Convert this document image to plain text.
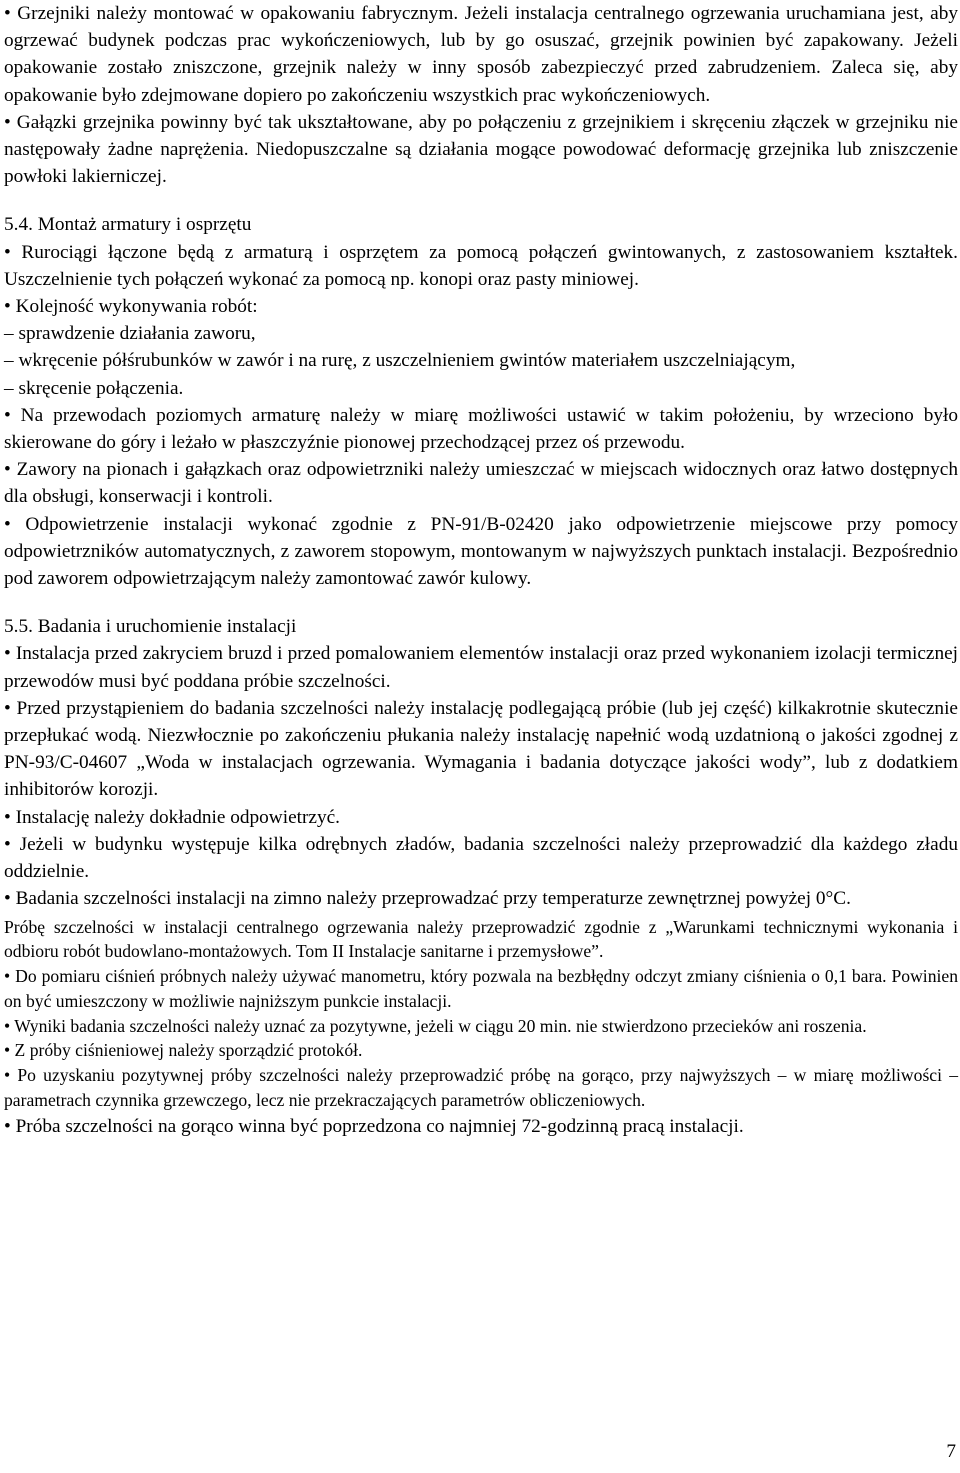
• Grzejniki należy montować w opakowaniu fabrycznym. Jeżeli instalacja centralnego ogrzewania uruchamiana jest, aby ogrzewać budynek podczas prac wykończeniowych, lub by go osuszać, grzejnik powinien być zapakowany. Jeżeli opakowanie zostało zniszczone, grzejnik należy w inny sposób zabezpieczyć przed zabrudzeniem. Zaleca się, aby opakowanie było zdejmowane dopiero po zakończeniu wszystkich prac wykończeniowych.

• Gałązki grzejnika powinny być tak ukształtowane, aby po połączeniu z grzejnikiem i skręceniu złączek w grzejniku nie następowały żadne naprężenia. Niedopuszczalne są działania mogące powodować deformację grzejnika lub zniszczenie powłoki lakierniczej.

5.4. Montaż armatury i osprzętu

• Rurociągi łączone będą z armaturą i osprzętem za pomocą połączeń gwintowanych, z zastosowaniem kształtek. Uszczelnienie tych połączeń wykonać za pomocą np. konopi oraz pasty miniowej.

• Kolejność wykonywania robót:

– sprawdzenie działania zaworu,

– wkręcenie półśrubunków w zawór i na rurę, z uszczelnieniem gwintów materiałem uszczelniającym,

– skręcenie połączenia.

• Na przewodach poziomych armaturę należy w miarę możliwości ustawić w takim położeniu, by wrzeciono było skierowane do góry i leżało w płaszczyźnie pionowej przechodzącej przez oś przewodu.

• Zawory na pionach i gałązkach oraz odpowietrzniki należy umieszczać w miejscach widocznych oraz łatwo dostępnych dla obsługi, konserwacji i kontroli.

• Odpowietrzenie instalacji wykonać zgodnie z PN-91/B-02420 jako odpowietrzenie miejscowe przy pomocy odpowietrzników automatycznych, z zaworem stopowym, montowanym w najwyższych punktach instalacji. Bezpośrednio pod zaworem odpowietrzającym należy zamontować zawór kulowy.

5.5. Badania i uruchomienie instalacji

• Instalacja przed zakryciem bruzd i przed pomalowaniem elementów instalacji oraz przed wykonaniem izolacji termicznej przewodów musi być poddana próbie szczelności.

• Przed przystąpieniem do badania szczelności należy instalację podlegającą próbie (lub jej część) kilkakrotnie skutecznie przepłukać wodą. Niezwłocznie po zakończeniu płukania należy instalację napełnić wodą uzdatnioną o jakości zgodnej z PN-93/C-04607 „Woda w instalacjach ogrzewania. Wymagania i badania dotyczące jakości wody”, lub z dodatkiem inhibitorów korozji.

• Instalację należy dokładnie odpowietrzyć.

• Jeżeli w budynku występuje kilka odrębnych zładów, badania szczelności należy przeprowadzić dla każdego zładu oddzielnie.

• Badania szczelności instalacji na zimno należy przeprowadzać przy temperaturze zewnętrznej powyżej 0°C.

Próbę szczelności w instalacji centralnego ogrzewania należy przeprowadzić zgodnie z „Warunkami technicznymi wykonania i odbioru robót budowlano-montażowych. Tom II Instalacje sanitarne i przemysłowe”.

• Do pomiaru ciśnień próbnych należy używać manometru, który pozwala na bezbłędny odczyt zmiany ciśnienia o 0,1 bara. Powinien on być umieszczony w możliwie najniższym punkcie instalacji.

• Wyniki badania szczelności należy uznać za pozytywne, jeżeli w ciągu 20 min. nie stwierdzono przecieków ani roszenia.

• Z próby ciśnieniowej należy sporządzić protokół.

• Po uzyskaniu pozytywnej próby szczelności należy przeprowadzić próbę na gorąco, przy najwyższych – w miarę możliwości – parametrach czynnika grzewczego, lecz nie przekraczających parametrów obliczeniowych.

• Próba szczelności na gorąco winna być poprzedzona co najmniej 72-godzinną pracą instalacji.

7
